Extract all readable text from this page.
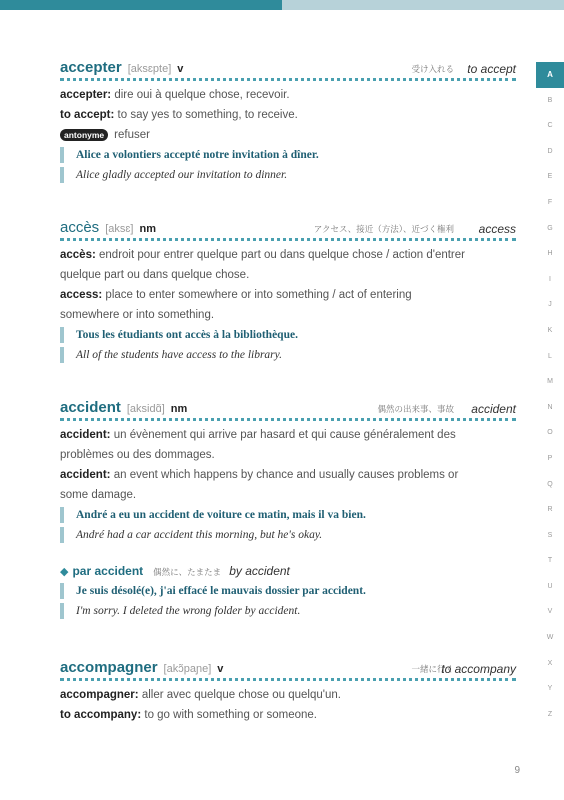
A
B
C
D
E
F
G
H
I
J
K
L
M
N
O
P
Q
R
S
T
U
V
W
X
Y
Z
accepter [aksɛpte] v	受け入れる to accept
accepter: dire oui à quelque chose, recevoir.
to accept: to say yes to something, to receive.
antonyme refuser
Alice a volontiers accepté notre invitation à dîner.
Alice gladly accepted our invitation to dinner.
accès [aksɛ] nm	アクセス、接近（方法）、近づく権利 access
accès: endroit pour entrer quelque part ou dans quelque chose / action d'entrer
quelque part ou dans quelque chose.
access: place to enter somewhere or into something / act of entering
somewhere or into something.
Tous les étudiants ont accès à la bibliothèque.
All of the students have access to the library.
accident [aksidɑ̃] nm	偶然の出来事、事故 accident
accident: un évènement qui arrive par hasard et qui cause généralement des
problèmes ou des dommages.
accident: an event which happens by chance and usually causes problems or
some damage.
André a eu un accident de voiture ce matin, mais il va bien.
André had a car accident this morning, but he's okay.
◆ par accident 偶然に、たまたま by accident
Je suis désolé(e), j'ai effacé le mauvais dossier par accident.
I'm sorry. I deleted the wrong folder by accident.
accompagner [akɔ̃paɲe] v	一緒に行く
to accompany
accompagner: aller avec quelque chose ou quelqu'un.
to accompany: to go with something or someone.
9
